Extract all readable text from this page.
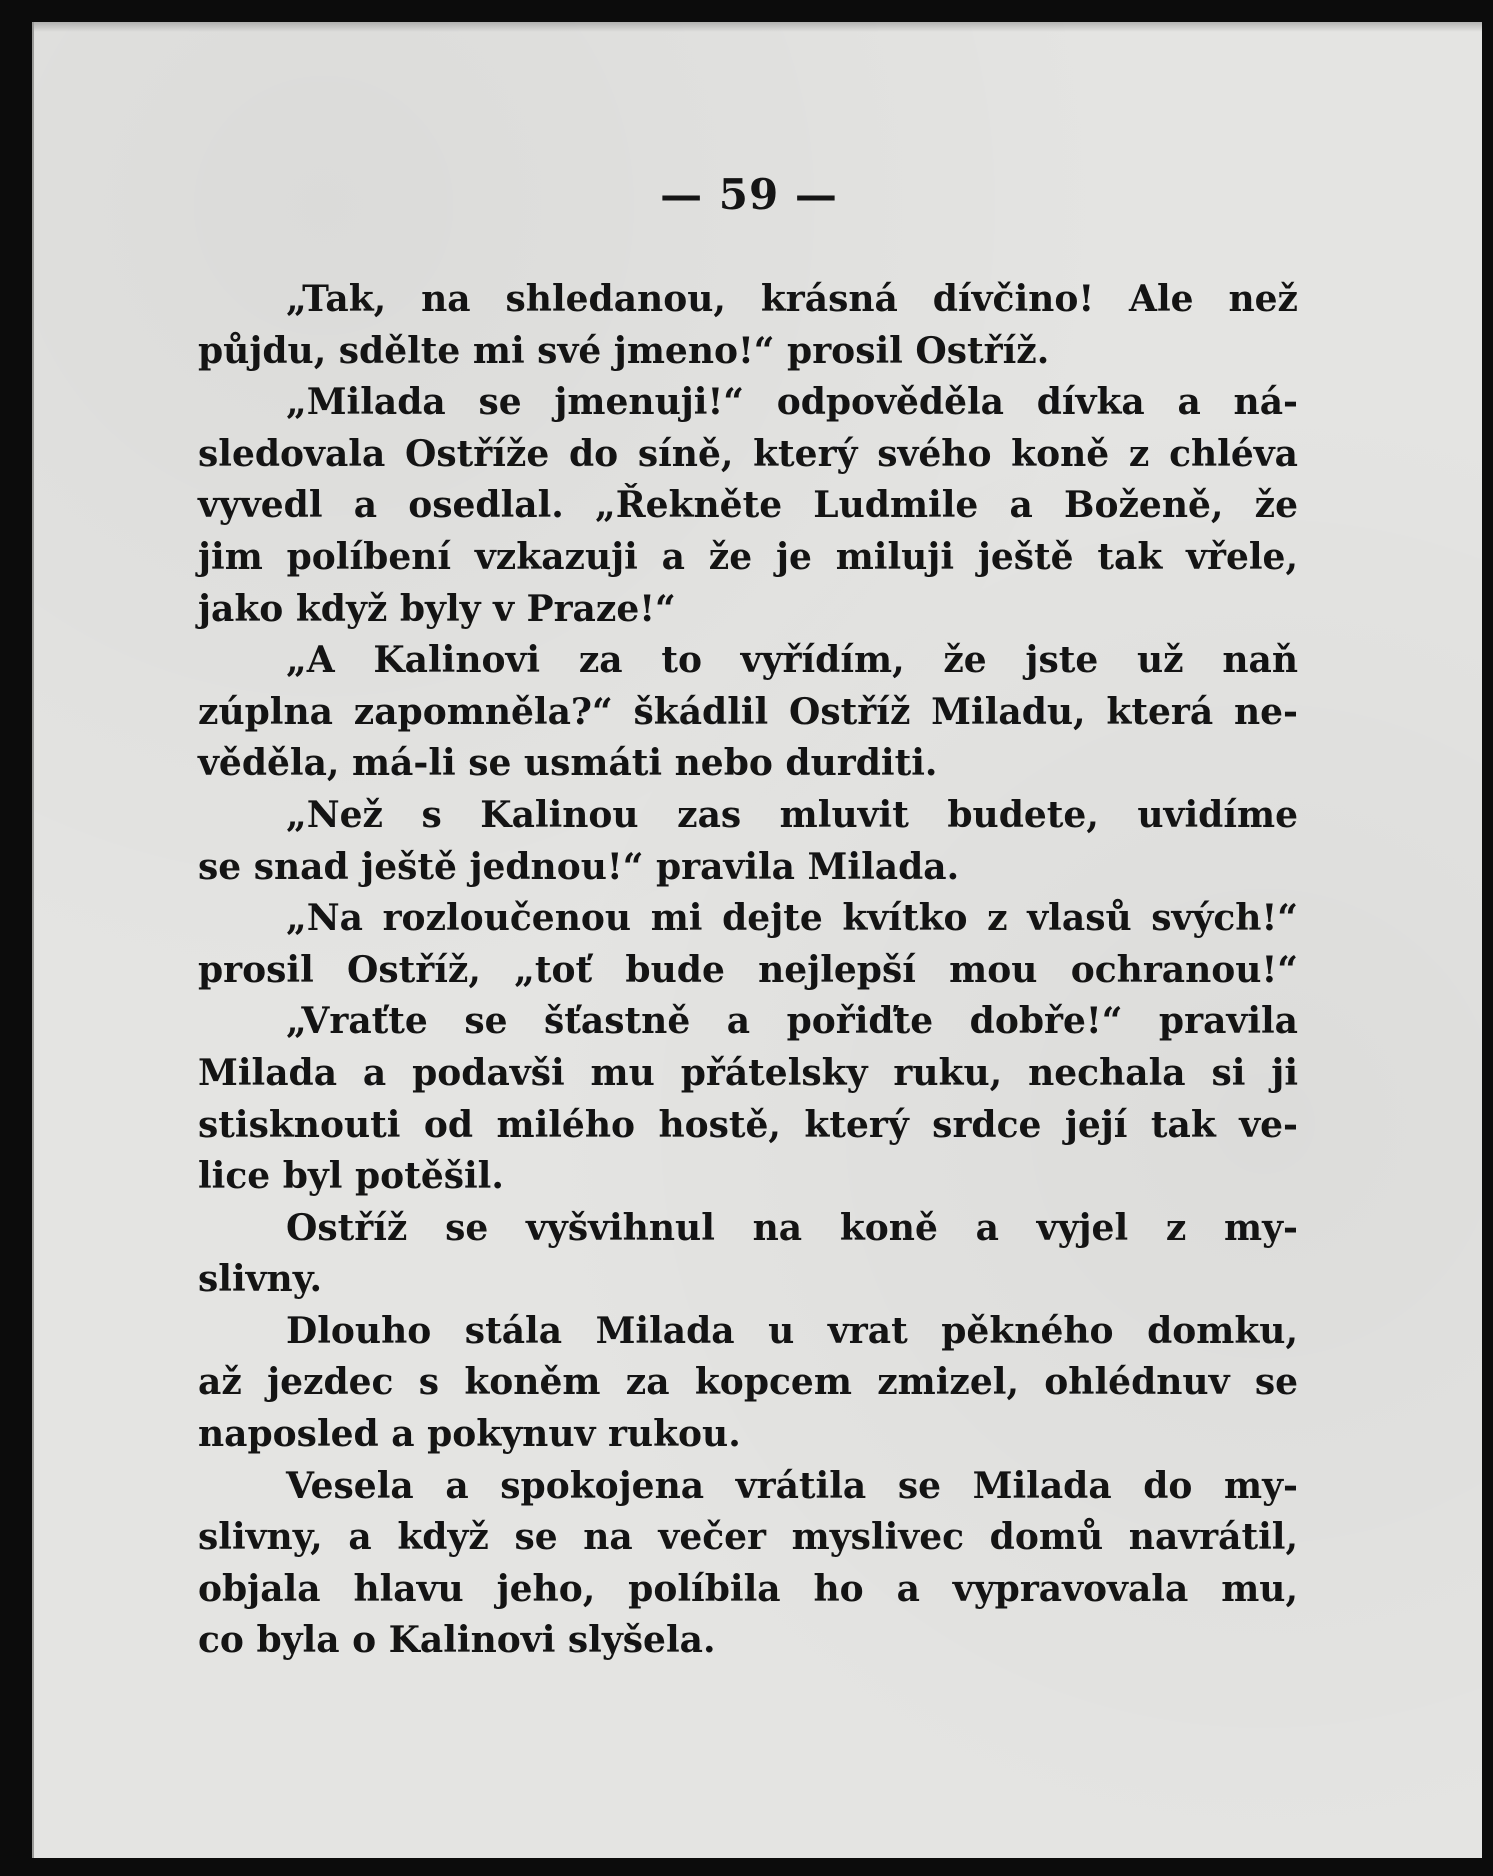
— 59 —
„Tak, na shledanou, krásná dívčino! Ale než
půjdu, sdělte mi své jmeno!“ prosil Ostříž.
„Milada se jmenuji!“ odpověděla dívka a ná-
sledovala Ostříže do síně, který svého koně z chléva
vyvedl a osedlal. „Řekněte Ludmile a Boženě, že
jim políbení vzkazuji a že je miluji ještě tak vřele,
jako když byly v Praze!“
„A Kalinovi za to vyřídím, že jste už naň
zúplna zapomněla?“ škádlil Ostříž Miladu, která ne-
věděla, má-li se usmáti nebo durditi.
„Než s Kalinou zas mluvit budete, uvidíme
se snad ještě jednou!“ pravila Milada.
„Na rozloučenou mi dejte kvítko z vlasů svých!“
prosil Ostříž, „toť bude nejlepší mou ochranou!“
„Vraťte se šťastně a pořiďte dobře!“ pravila
Milada a podavši mu přátelsky ruku, nechala si ji
stisknouti od milého hostě, který srdce její tak ve-
lice byl potěšil.
Ostříž se vyšvihnul na koně a vyjel z my-
slivny.
Dlouho stála Milada u vrat pěkného domku,
až jezdec s koněm za kopcem zmizel, ohlédnuv se
naposled a pokynuv rukou.
Vesela a spokojena vrátila se Milada do my-
slivny, a když se na večer myslivec domů navrátil,
objala hlavu jeho, políbila ho a vypravovala mu,
co byla o Kalinovi slyšela.
